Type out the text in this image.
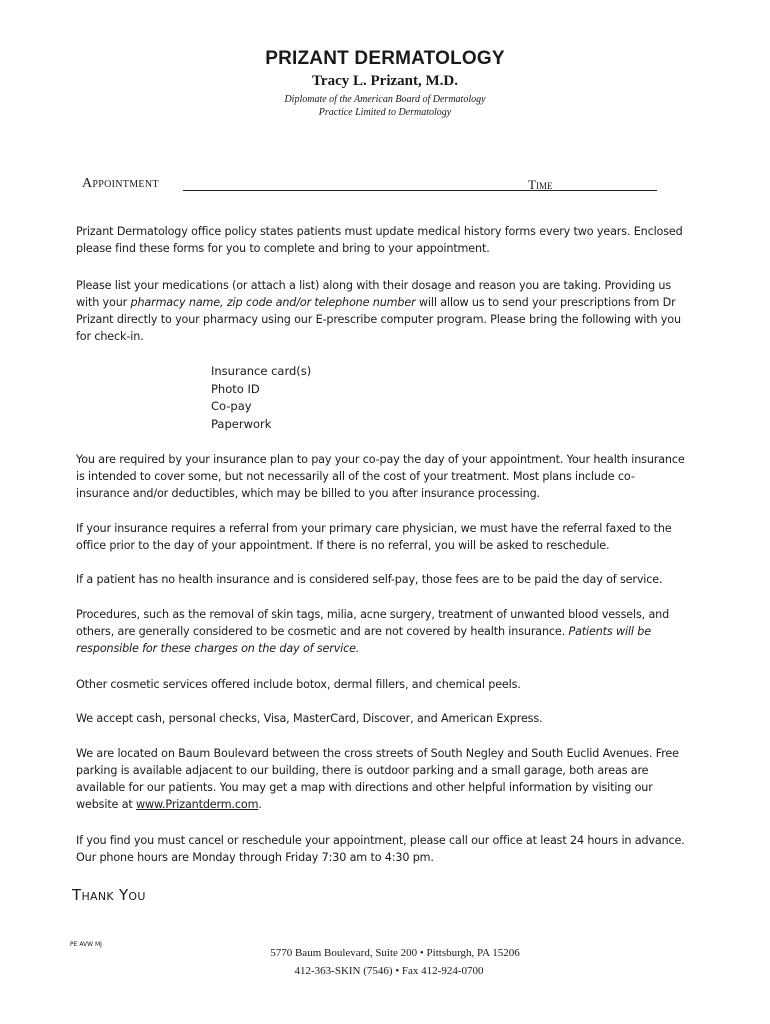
PRIZANT DERMATOLOGY
Tracy L. Prizant, M.D.
Diplomate of the American Board of Dermatology
Practice Limited to Dermatology
Appointment	Time
Prizant Dermatology office policy states patients must update medical history forms every two years. Enclosed please find these forms for you to complete and bring to your appointment.
Please list your medications (or attach a list) along with their dosage and reason you are taking. Providing us with your pharmacy name, zip code and/or telephone number will allow us to send your prescriptions from Dr Prizant directly to your pharmacy using our E-prescribe computer program. Please bring the following with you for check-in.
Insurance card(s)
Photo ID
Co-pay
Paperwork
You are required by your insurance plan to pay your co-pay the day of your appointment. Your health insurance is intended to cover some, but not necessarily all of the cost of your treatment. Most plans include co-insurance and/or deductibles, which may be billed to you after insurance processing.
If your insurance requires a referral from your primary care physician, we must have the referral faxed to the office prior to the day of your appointment. If there is no referral, you will be asked to reschedule.
If a patient has no health insurance and is considered self-pay, those fees are to be paid the day of service.
Procedures, such as the removal of skin tags, milia, acne surgery, treatment of unwanted blood vessels, and others, are generally considered to be cosmetic and are not covered by health insurance. Patients will be responsible for these charges on the day of service.
Other cosmetic services offered include botox, dermal fillers, and chemical peels.
We accept cash, personal checks, Visa, MasterCard, Discover, and American Express.
We are located on Baum Boulevard between the cross streets of South Negley and South Euclid Avenues. Free parking is available adjacent to our building, there is outdoor parking and a small garage, both areas are available for our patients. You may get a map with directions and other helpful information by visiting our website at www.Prizantderm.com.
If you find you must cancel or reschedule your appointment, please call our office at least 24 hours in advance. Our phone hours are Monday through Friday 7:30 am to 4:30 pm.
Thank You
PE AVW MJ
5770 Baum Boulevard, Suite 200 • Pittsburgh, PA 15206
412-363-SKIN (7546) • Fax 412-924-0700
